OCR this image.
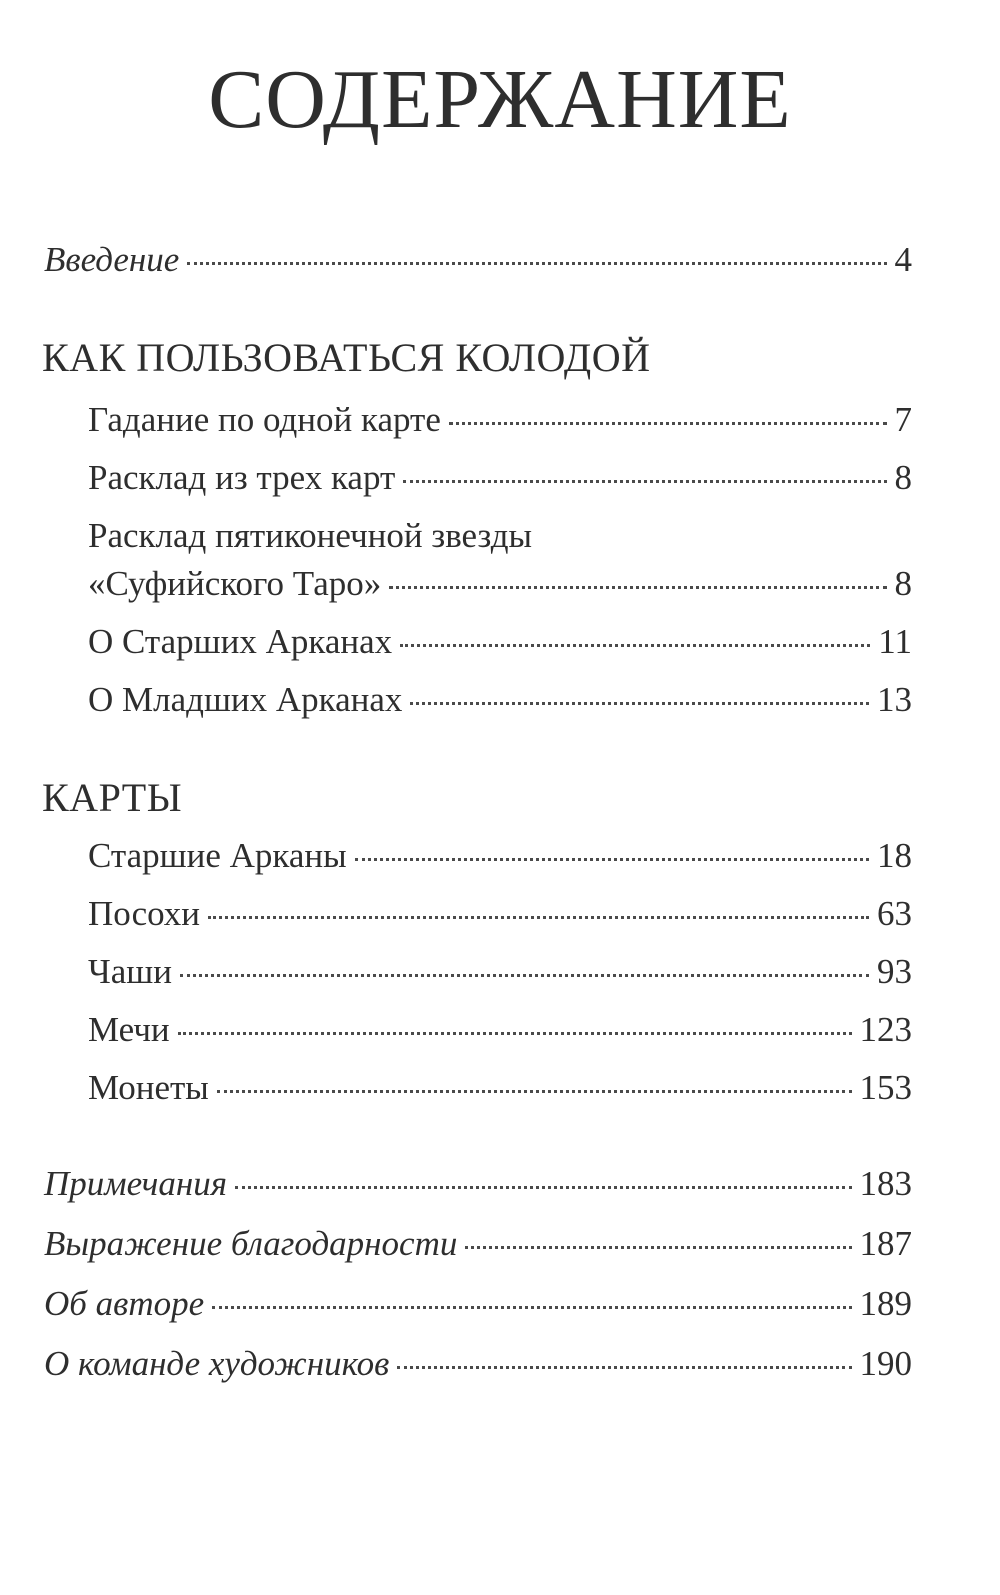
СОДЕРЖАНИЕ
Введение	4
КАК ПОЛЬЗОВАТЬСЯ КОЛОДОЙ
Гадание по одной карте	7
Расклад из трех карт	8
Расклад пятиконечной звезды
«Суфийского Таро»	8
О Старших Арканах	11
О Младших Арканах	13
КАРТЫ
Старшие Арканы	18
Посохи	63
Чаши	93
Мечи	123
Монеты	153
Примечания	183
Выражение благодарности	187
Об авторе	189
О команде художников	190
